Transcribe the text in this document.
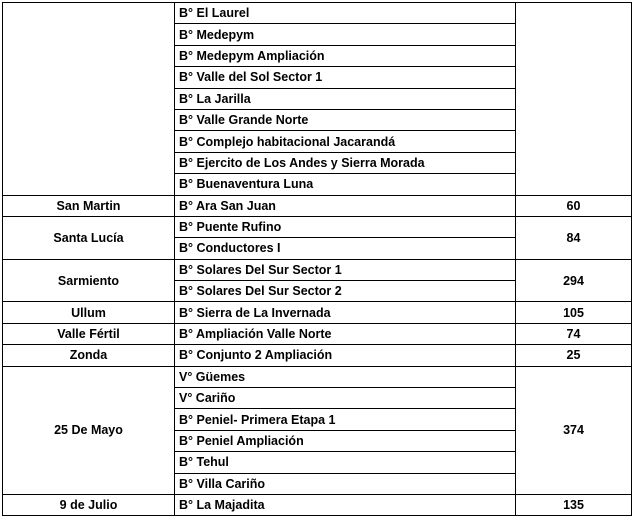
	B° El Laurel	
	B° Medepym	
	B° Medepym Ampliación	
	B° Valle del Sol Sector 1	
	B° La Jarilla	
	B° Valle Grande Norte	
	B° Complejo habitacional Jacarandá	
	B° Ejercito de Los Andes y Sierra Morada	
	B° Buenaventura Luna	
San Martin	B° Ara San Juan	60
Santa Lucía	B° Puente Rufino	84
	B° Conductores I	
Sarmiento	B° Solares Del Sur Sector 1	294
	B° Solares Del Sur Sector 2	
Ullum	B° Sierra de La Invernada	105
Valle Fértil	B° Ampliación Valle Norte	74
Zonda	B° Conjunto 2 Ampliación	25
25 De Mayo	V° Güemes	374
	V° Cariño	
	B° Peniel- Primera Etapa 1	
	B° Peniel Ampliación	
	B° Tehul	
	B° Villa Cariño	
9 de Julio	B° La Majadita	135
